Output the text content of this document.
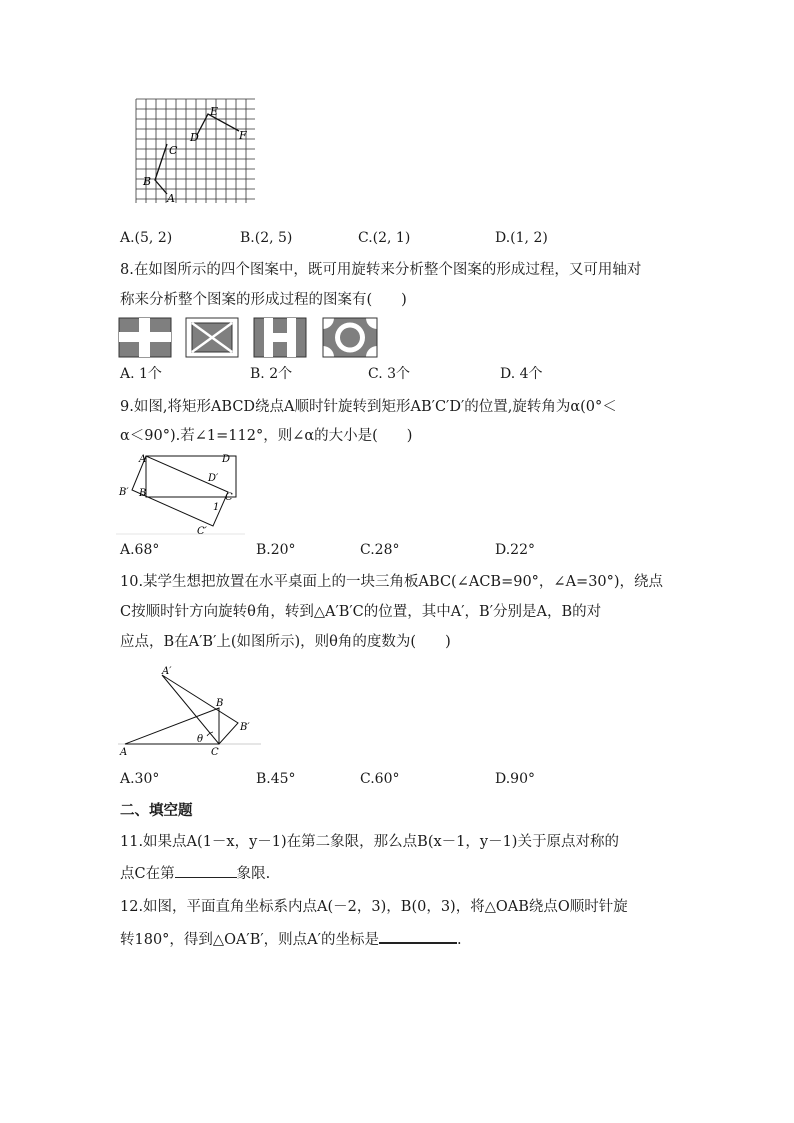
E
D	F
C
B
A
A.(5, 2)	B.(2, 5)	C.(2, 1)	D.(1, 2)
8.在如图所示的四个图案中，既可用旋转来分析整个图案的形成过程，又可用轴对
称来分析整个图案的形成过程的图案有(　　)
A. 1个	B. 2个	C. 3个	D. 4个
9.如图,将矩形ABCD绕点A顺时针旋转到矩形AB′C′D′的位置,旋转角为α(0°＜
α＜90°).若∠1=112°，则∠α的大小是(　　)
A	D
D′
B′ B	C
1
C′
A.68°	B.20°	C.28°	D.22°
10.某学生想把放置在水平桌面上的一块三角板ABC(∠ACB=90°，∠A=30°)，绕点
C按顺时针方向旋转θ角，转到△A′B′C的位置，其中A′，B′分别是A，B的对
应点，B在A′B′上(如图所示)，则θ角的度数为(　　)
A′
B
B′
θ
A	C
A.30°	B.45°	C.60°	D.90°
二、填空题
11.如果点A(1－x，y－1)在第二象限，那么点B(x－1，y－1)关于原点对称的
点C在第	象限.
12.如图，平面直角坐标系内点A(－2，3)，B(0，3)，将△OAB绕点O顺时针旋
转180°，得到△OA′B′，则点A′的坐标是	.
